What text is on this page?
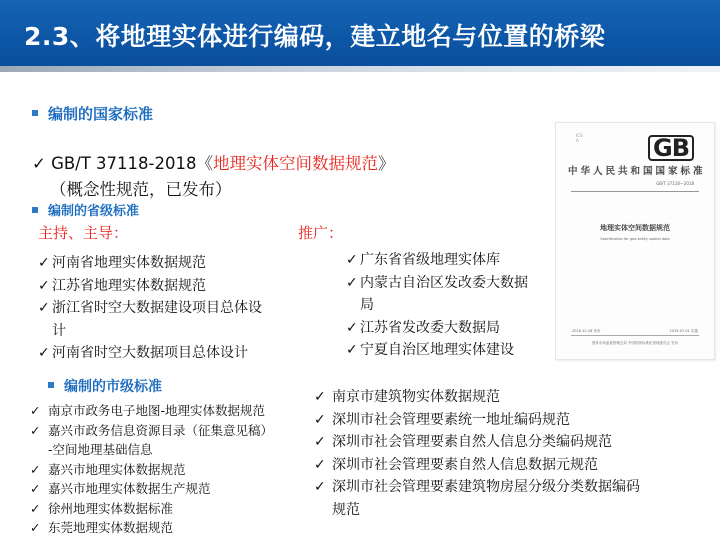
2.3、将地理实体进行编码，建立地名与位置的桥梁
编制的国家标准
✓ GB/T 37118-2018《地理实体空间数据规范》
（概念性规范，已发布）
编制的省级标准
主持、主导：	推广：
✓ 河南省地理实体数据规范
✓ 江苏省地理实体数据规范
✓ 浙江省时空大数据建设项目总体设
计
✓ 河南省时空大数据项目总体设计
✓ 广东省省级地理实体库
✓ 内蒙古自治区发改委大数据
局
✓ 江苏省发改委大数据局
✓ 宁夏自治区地理实体建设
编制的市级标准
✓ 南京市政务电子地图-地理实体数据规范
✓ 嘉兴市政务信息资源目录（征集意见稿）
-空间地理基础信息
✓ 嘉兴市地理实体数据规范
✓ 嘉兴市地理实体数据生产规范
✓ 徐州地理实体数据标准
✓ 东莞地理实体数据规范
✓ 南京市建筑物实体数据规范
✓ 深圳市社会管理要素统一地址编码规范
✓ 深圳市社会管理要素自然人信息分类编码规范
✓ 深圳市社会管理要素自然人信息数据元规范
✓ 深圳市社会管理要素建筑物房屋分级分类数据编码
规范
ICS
A	GB
中华人民共和国国家标准
GB/T 37118—2018
地理实体空间数据规范
Specification for geo-entity spatial data
2018-12-28 发布	2019-07-01 实施
国家市场监督管理总局 中国国家标准化管理委员会 发布
